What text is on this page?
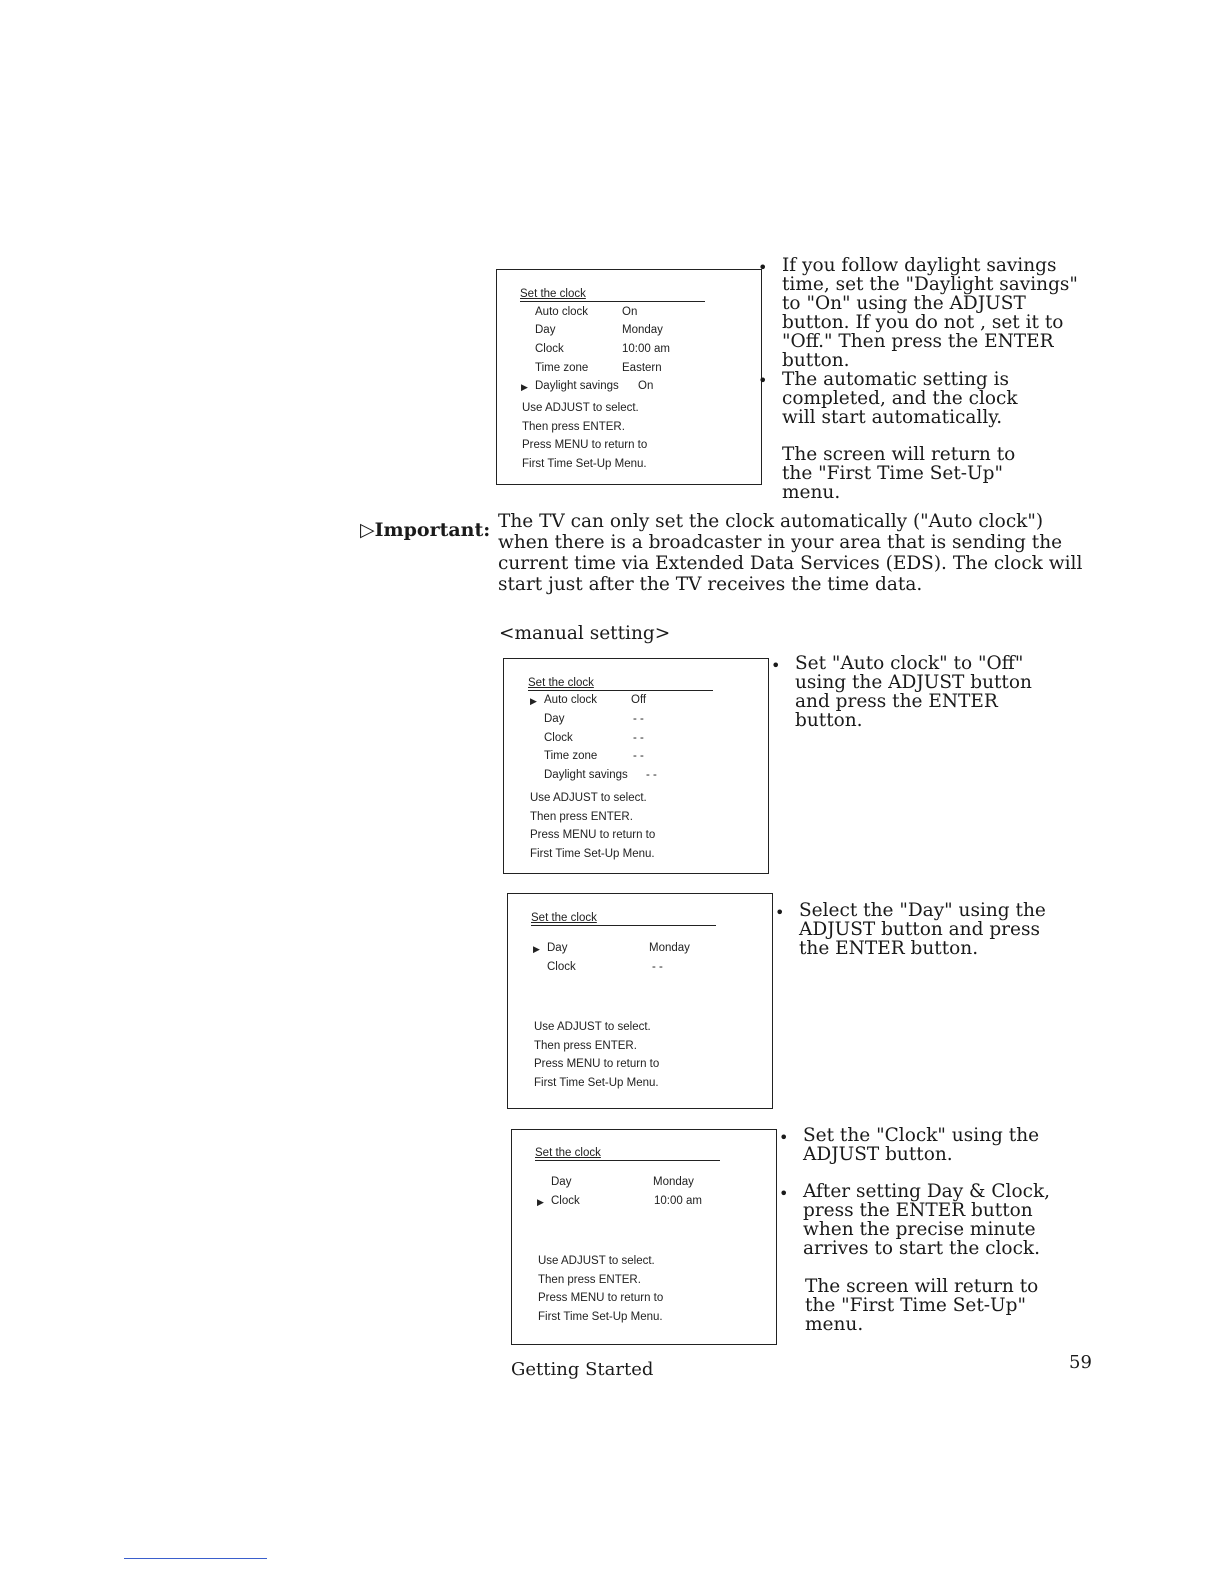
Set the clock
Auto clock	On
Day	Monday
Clock	10:00 am
Time zone	Eastern
▶ Daylight savings On
Use ADJUST to select.
Then press ENTER.
Press MENU to return to
First Time Set-Up Menu.
• If you follow daylight savings time, set the "Daylight savings" to "On" using the ADJUST button. If you do not , set it to "Off." Then press the ENTER button.
• The automatic setting is completed, and the clock will start automatically.
The screen will return to the "First Time Set-Up" menu.
▷Important: The TV can only set the clock automatically ("Auto clock") when there is a broadcaster in your area that is sending the current time via Extended Data Services (EDS). The clock will start just after the TV receives the time data.
<manual setting>
Set the clock
▶ Auto clock	Off
Day	- -
Clock	- -
Time zone	- -
Daylight savings - -
Use ADJUST to select.
Then press ENTER.
Press MENU to return to
First Time Set-Up Menu.
• Set "Auto clock" to "Off" using the ADJUST button and press the ENTER button.
Set the clock
▶ Day	Monday
Clock	- -
Use ADJUST to select.
Then press ENTER.
Press MENU to return to
First Time Set-Up Menu.
• Select the "Day" using the ADJUST button and press the ENTER button.
Set the clock
Day	Monday
▶ Clock	10:00 am
Use ADJUST to select.
Then press ENTER.
Press MENU to return to
First Time Set-Up Menu.
• Set the "Clock" using the ADJUST button.
• After setting Day & Clock, press the ENTER button when the precise minute arrives to start the clock.
The screen will return to the "First Time Set-Up" menu.
Getting Started	59
